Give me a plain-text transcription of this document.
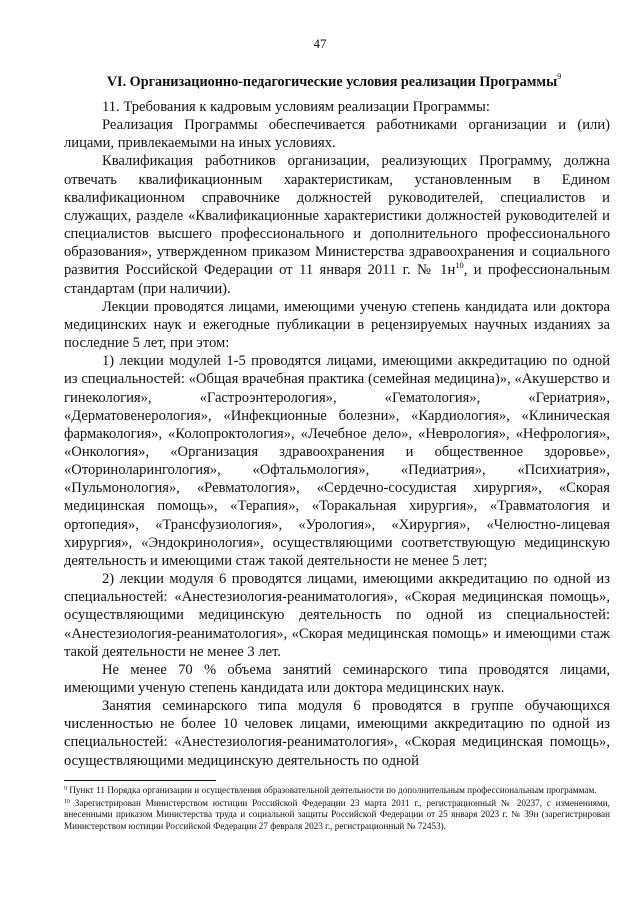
47
VI. Организационно-педагогические условия реализации Программы$^9$

11. Требования к кадровым условиям реализации Программы:

Реализация Программы обеспечивается работниками организации и (или) лицами, привлекаемыми на иных условиях.

Квалификация работников организации, реализующих Программу, должна отвечать квалификационным характеристикам, установленным в Едином квалификационном справочнике должностей руководителей, специалистов и служащих, разделе «Квалификационные характеристики должностей руководителей и специалистов высшего профессионального и дополнительного профессионального образования», утвержденном приказом Министерства здравоохранения и социального развития Российской Федерации от 11 января 2011 г. № $1н^{10}$, и профессиональным стандартам (при наличии).

Лекции проводятся лицами, имеющими ученую степень кандидата или доктора медицинских наук и ежегодные публикации в рецензируемых научных изданиях за последние 5 лет, при этом:

1) лекции модулей 1-5 проводятся лицами, имеющими аккредитацию по одной из специальностей: «Общая врачебная практика (семейная медицина)», «Акушерство и гинекология», «Гастроэнтерология», «Гематология», «Гериатрия», «Дерматовенерология», «Инфекционные болезни», «Кардиология», «Клиническая фармакология», «Колопроктология», «Лечебное дело», «Неврология», «Нефрология», «Онкология», «Организация здравоохранения и общественное здоровье», «Оториноларингология», «Офтальмология», «Педиатрия», «Психиатрия», «Пульмонология», «Ревматология», «Сердечно-сосудистая хирургия», «Скорая медицинская помощь», «Терапия», «Торакальная хирургия», «Травматология и ортопедия», «Трансфузиология», «Урология», «Хирургия», «Челюстно-лицевая хирургия», «Эндокринология», осуществляющими соответствующую медицинскую деятельность и имеющими стаж такой деятельности не менее 5 лет;

2) лекции модуля 6 проводятся лицами, имеющими аккредитацию по одной из специальностей: «Анестезиология-реаниматология», «Скорая медицинская помощь», осуществляющими медицинскую деятельность по одной из специальностей: «Анестезиология-реаниматология», «Скорая медицинская помощь» и имеющими стаж такой деятельности не менее 3 лет.

Не менее 70 % объема занятий семинарского типа проводятся лицами, имеющими ученую степень кандидата или доктора медицинских наук.

Занятия семинарского типа модуля 6 проводятся в группе обучающихся численностью не более 10 человек лицами, имеющими аккредитацию по одной из специальностей: «Анестезиология-реаниматология», «Скорая медицинская помощь», осуществляющими медицинскую деятельность по одной

$^9$ Пункт 11 Порядка организации и осуществления образовательной деятельности по дополнительным профессиональным программам.

$^{10}$ Зарегистрирован Министерством юстиции Российской Федерации 23 марта 2011 г., регистрационный № 20237, с изменениями, внесенными приказом Министерства труда и социальной защиты Российской Федерации от 25 января 2023 г. № 39н (зарегистрирован Министерством юстиции Российской Федерации 27 февраля 2023 г., регистрационный № 72453).
